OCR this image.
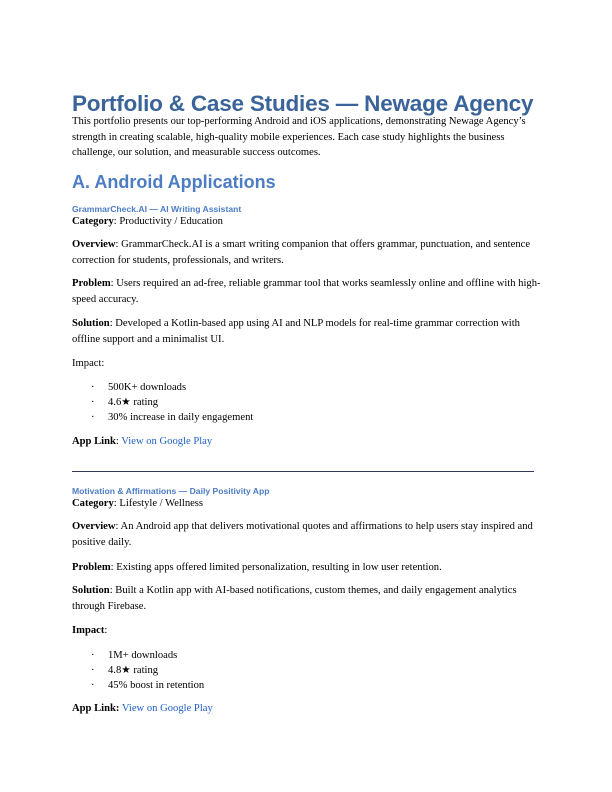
Portfolio & Case Studies — Newage Agency
This portfolio presents our top-performing Android and iOS applications, demonstrating Newage Agency’s strength in creating scalable, high-quality mobile experiences. Each case study highlights the business challenge, our solution, and measurable success outcomes.
A. Android Applications
GrammarCheck.AI — AI Writing Assistant
Category: Productivity / Education
Overview: GrammarCheck.AI is a smart writing companion that offers grammar, punctuation, and sentence correction for students, professionals, and writers.
Problem: Users required an ad-free, reliable grammar tool that works seamlessly online and offline with high-speed accuracy.
Solution: Developed a Kotlin-based app using AI and NLP models for real-time grammar correction with offline support and a minimalist UI.
Impact:
· 500K+ downloads
· 4.6★ rating
· 30% increase in daily engagement
App Link: View on Google Play
Motivation & Affirmations — Daily Positivity App
Category: Lifestyle / Wellness
Overview: An Android app that delivers motivational quotes and affirmations to help users stay inspired and positive daily.
Problem: Existing apps offered limited personalization, resulting in low user retention.
Solution: Built a Kotlin app with AI-based notifications, custom themes, and daily engagement analytics through Firebase.
Impact:
· 1M+ downloads
· 4.8★ rating
· 45% boost in retention
App Link: View on Google Play
